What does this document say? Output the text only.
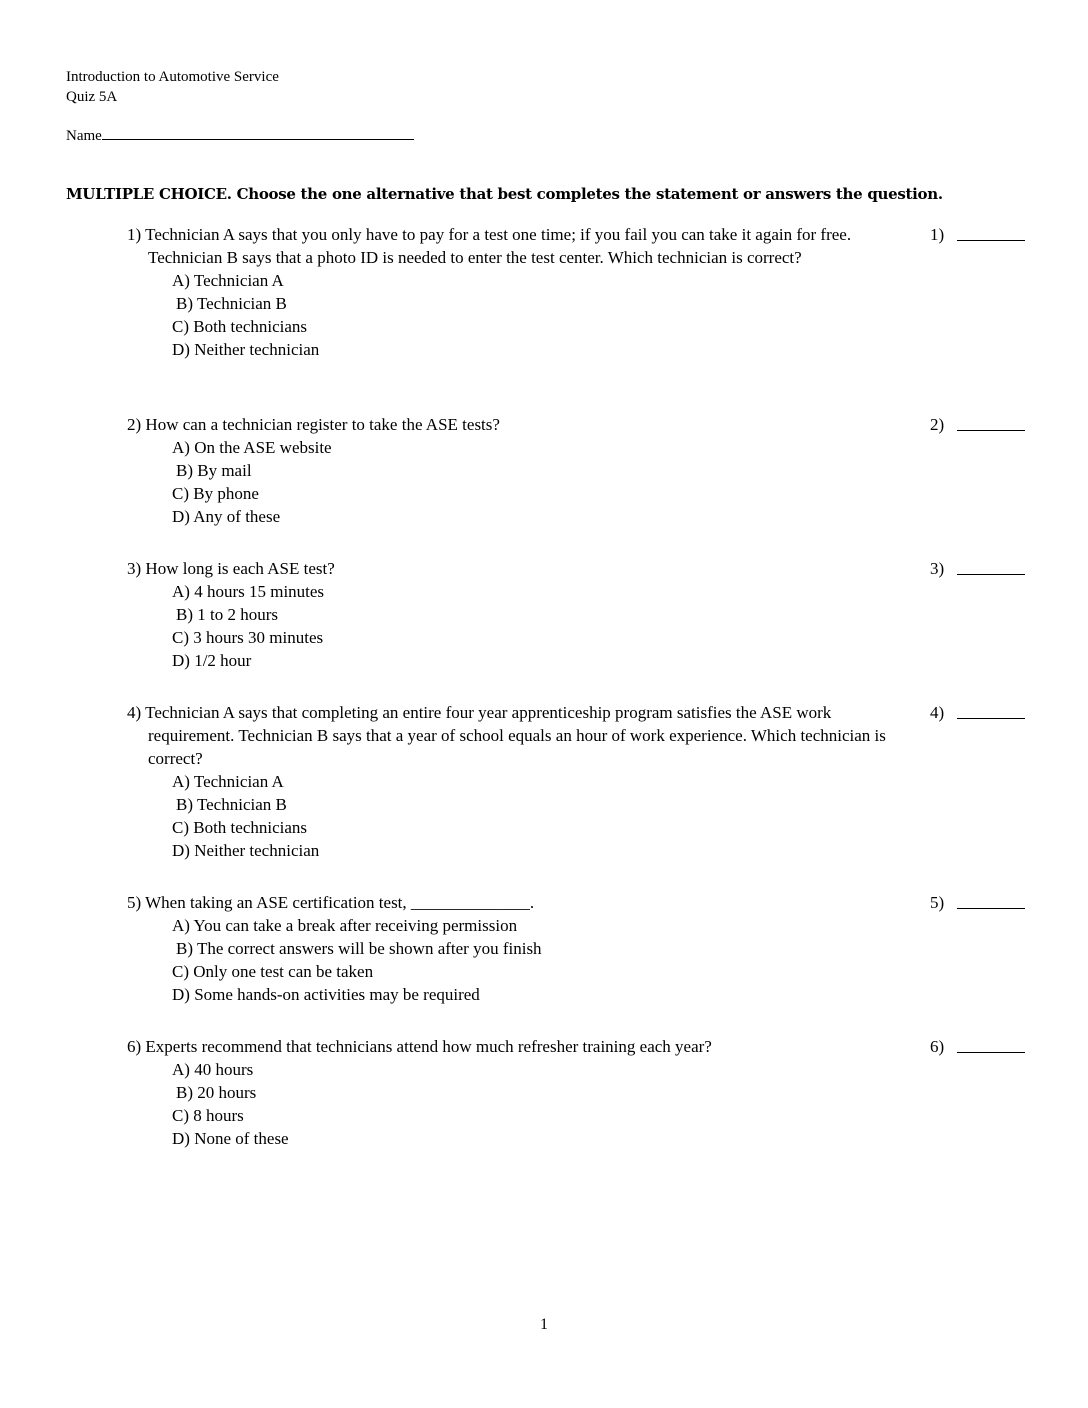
Introduction to Automotive Service
Quiz 5A
Name
MULTIPLE CHOICE. Choose the one alternative that best completes the statement or answers the question.
1) Technician A says that you only have to pay for a test one time; if you fail you can take it again for free. Technician B says that a photo ID is needed to enter the test center. Which technician is correct?
A) Technician A
B) Technician B
C) Both technicians
D) Neither technician
1)
2) How can a technician register to take the ASE tests?
A) On the ASE website
B) By mail
C) By phone
D) Any of these
2)
3) How long is each ASE test?
A) 4 hours 15 minutes
B) 1 to 2 hours
C) 3 hours 30 minutes
D) 1/2 hour
3)
4) Technician A says that completing an entire four year apprenticeship program satisfies the ASE work requirement. Technician B says that a year of school equals an hour of work experience. Which technician is correct?
A) Technician A
B) Technician B
C) Both technicians
D) Neither technician
4)
5) When taking an ASE certification test, ______________.
A) You can take a break after receiving permission
B) The correct answers will be shown after you finish
C) Only one test can be taken
D) Some hands-on activities may be required
5)
6) Experts recommend that technicians attend how much refresher training each year?
A) 40 hours
B) 20 hours
C) 8 hours
D) None of these
6)
1
